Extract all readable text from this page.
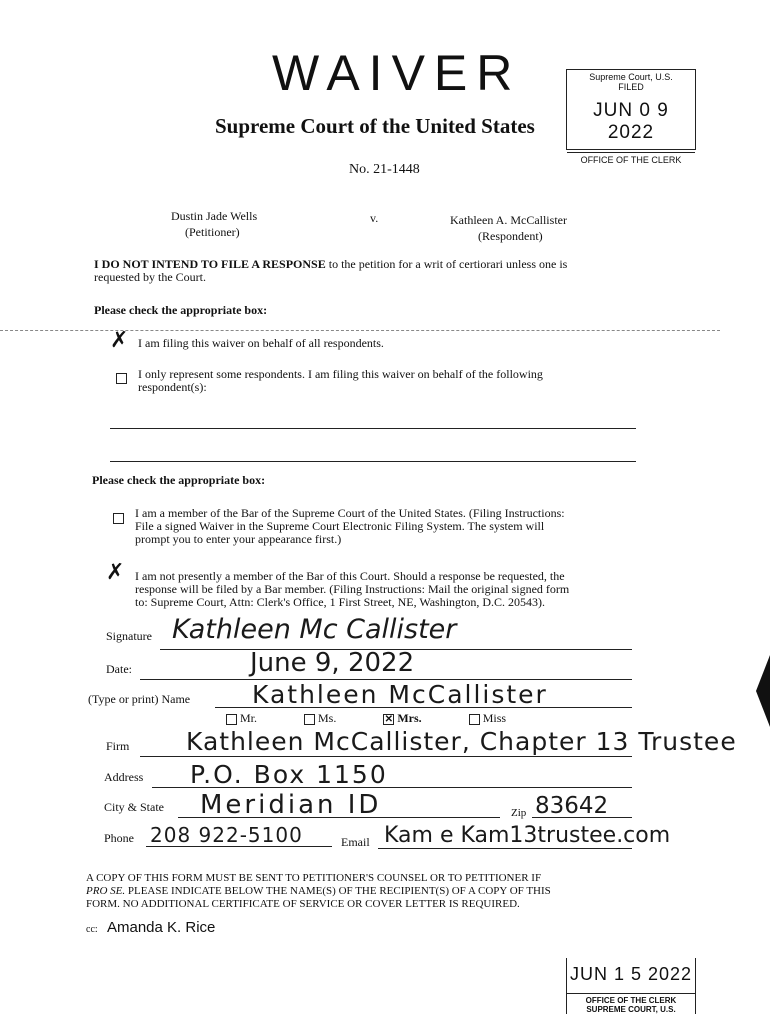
WAIVER
Supreme Court of the United States
No. 21-1448
Supreme Court, U.S.
FILED
JUN 0 9 2022
OFFICE OF THE CLERK
Dustin Jade Wells
(Petitioner)
v.	Kathleen A. McCallister
(Respondent)
I DO NOT INTEND TO FILE A RESPONSE to the petition for a writ of certiorari unless one is
requested by the Court.
Please check the appropriate box:
✗ I am filing this waiver on behalf of all respondents.
I only represent some respondents. I am filing this waiver on behalf of the following
respondent(s):
Please check the appropriate box:
I am a member of the Bar of the Supreme Court of the United States. (Filing Instructions:
File a signed Waiver in the Supreme Court Electronic Filing System. The system will
prompt you to enter your appearance first.)
✗ I am not presently a member of the Bar of this Court. Should a response be requested, the
response will be filed by a Bar member. (Filing Instructions: Mail the original signed form
to: Supreme Court, Attn: Clerk's Office, 1 First Street, NE, Washington, D.C. 20543).
Signature Kathleen Mc Callister
Date:	June 9, 2022
(Type or print) Name Kathleen McCallister
Mr.	Ms.	✕ Mrs.	Miss
Firm Kathleen McCallister, Chapter 13 Trustee
Address P.O. Box 1150
City & State Meridian ID	Zip 83642
Phone 208 922-5100	Email Kam e Kam13trustee.com
A COPY OF THIS FORM MUST BE SENT TO PETITIONER'S COUNSEL OR TO PETITIONER IF
PRO SE. PLEASE INDICATE BELOW THE NAME(S) OF THE RECIPIENT(S) OF A COPY OF THIS
FORM. NO ADDITIONAL CERTIFICATE OF SERVICE OR COVER LETTER IS REQUIRED.
cc: Amanda K. Rice
JUN 1 5 2022
OFFICE OF THE CLERK
SUPREME COURT, U.S.
